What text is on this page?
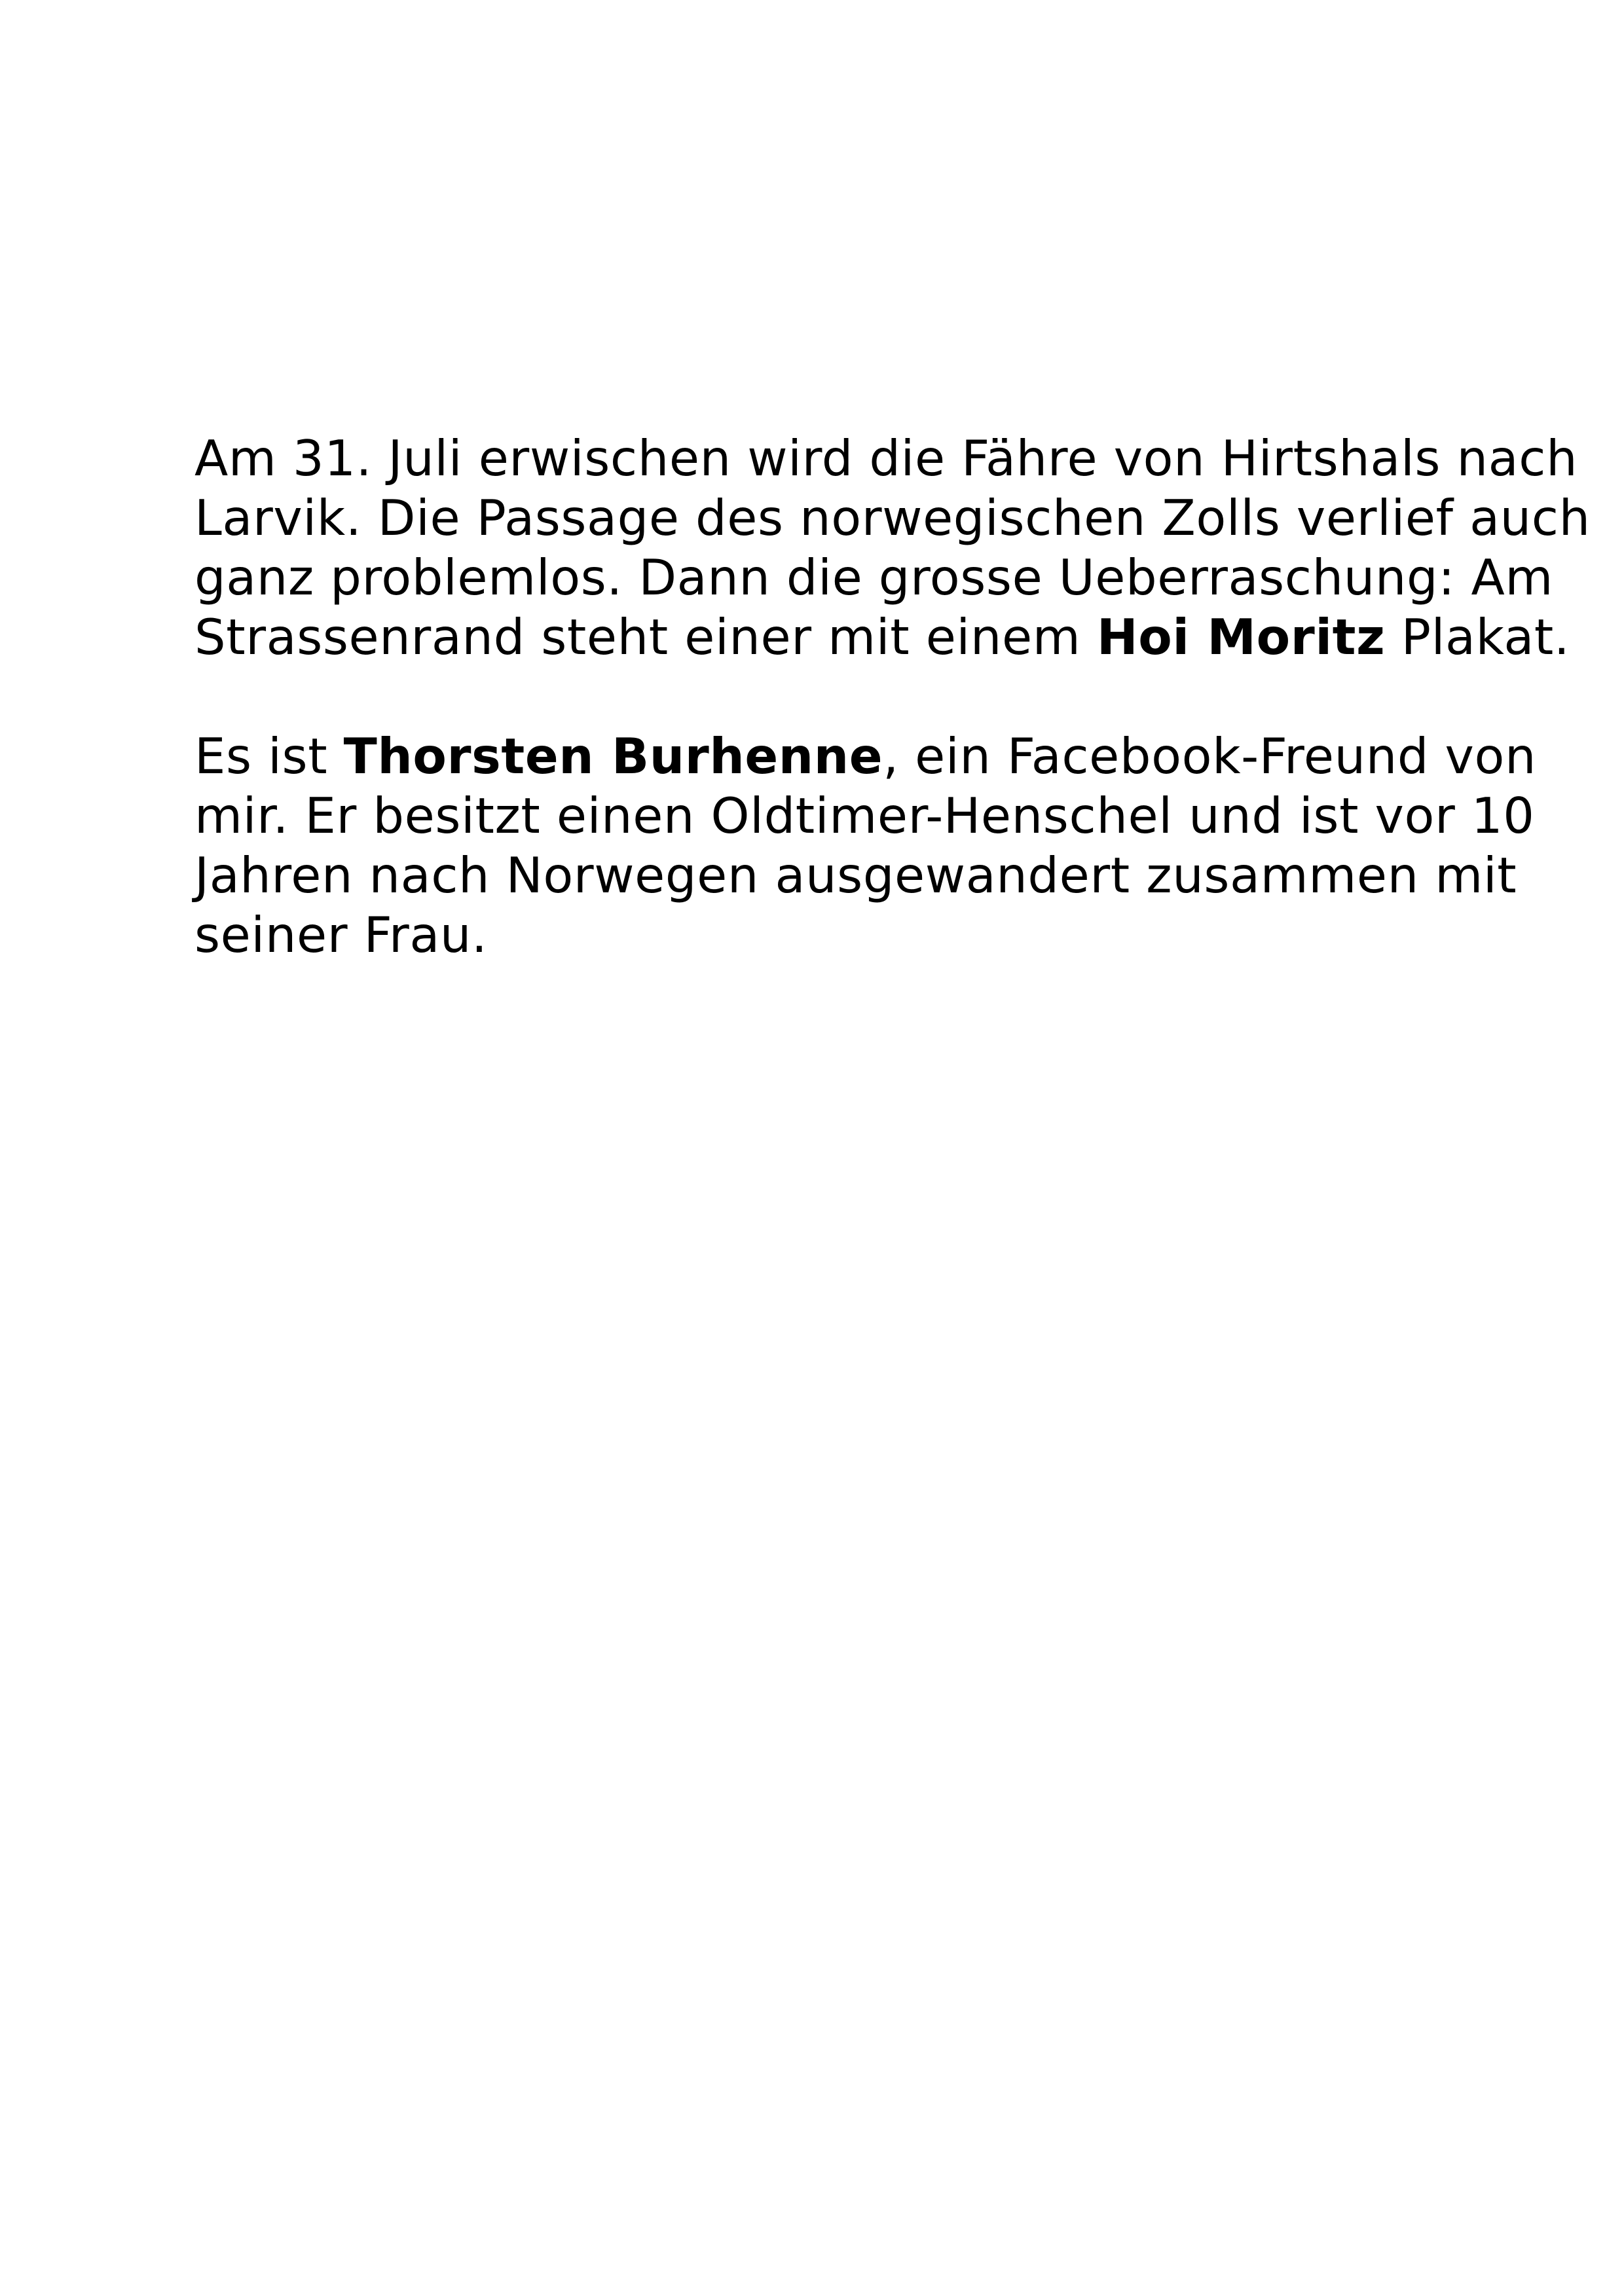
Am 31. Juli erwischen wird die Fähre von Hirtshals nach
Larvik. Die Passage des norwegischen Zolls verlief auch
ganz problemlos. Dann die grosse Ueberraschung: Am
Strassenrand steht einer mit einem Hoi Moritz Plakat.

Es ist Thorsten Burhenne, ein Facebook-Freund von
mir. Er besitzt einen Oldtimer-Henschel und ist vor 10
Jahren nach Norwegen ausgewandert zusammen mit
seiner Frau.
